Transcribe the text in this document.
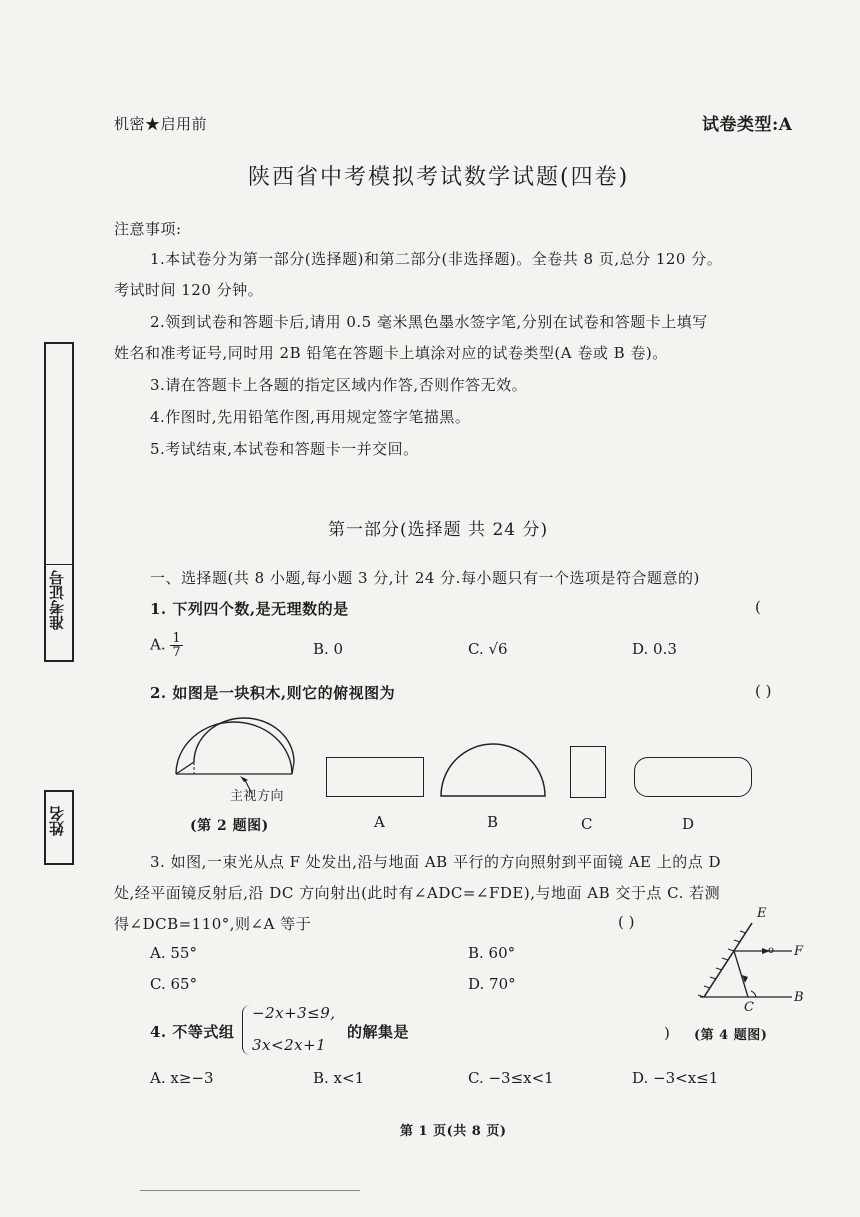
机密★启用前	试卷类型:A
陕西省中考模拟考试数学试题(四卷)
注意事项:
1.本试卷分为第一部分(选择题)和第二部分(非选择题)。全卷共 8 页,总分 120 分。
考试时间 120 分钟。
2.领到试卷和答题卡后,请用 0.5 毫米黑色墨水签字笔,分别在试卷和答题卡上填写
姓名和准考证号,同时用 2B 铅笔在答题卡上填涂对应的试卷类型(A 卷或 B 卷)。
3.请在答题卡上各题的指定区域内作答,否则作答无效。
4.作图时,先用铅笔作图,再用规定签字笔描黑。
5.考试结束,本试卷和答题卡一并交回。
准考证号
姓名
第一部分(选择题 共 24 分)
一、选择题(共 8 小题,每小题 3 分,计 24 分.每小题只有一个选项是符合题意的)
1. 下列四个数,是无理数的是	(
A. $\frac{1}{7}$	B. 0	C. √6	D. 0.3
2. 如图是一块积木,则它的俯视图为	( )
主视方向
(第 2 题图)	A	B	C	D
3. 如图,一束光从点 F 处发出,沿与地面 AB 平行的方向照射到平面镜 AE 上的点 D
处,经平面镜反射后,沿 DC 方向射出(此时有∠ADC=∠FDE),与地面 AB 交于点 C. 若测
得∠DCB=110°,则∠A 等于	( )
A. 55°	B. 60°
C. 65°	D. 70°
E
F
o
C
B
(第 4 题图)
4. 不等式组
−2x+3≤9,
3x<2x+1
的解集是	)
A. x≥−3	B. x<1	C. −3≤x<1	D. −3<x≤1
第 1 页(共 8 页)
